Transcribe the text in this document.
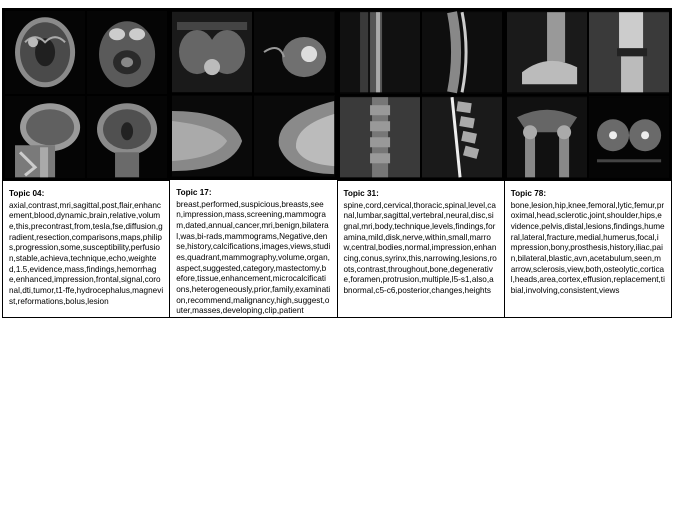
Topic 04:
axial,contrast,mri,sagittal,post,flair,enhancement,blood,dynamic,brain,relative,volume,this,precontrast,from,tesla,fse,diffusion,gradient,resection,comparisons,maps,philips,progression,some,susceptibility,perfusion,stable,achieva,technique,echo,weighted,1.5,evidence,mass,findings,hemorrhage,enhanced,impression,frontal,signal,coronal,dti,tumor,t1-ffe,hydrocephalus,magnevist,reformations,bolus,lesion
Topic 17:
breast,performed,suspicious,breasts,seen,impression,mass,screening,mammogram,dated,annual,cancer,mri,benign,bilateral,was,bi-rads,mammograms,Negative,dense,history,calcifications,images,views,studies,quadrant,mammography,volume,organ,aspect,suggested,category,mastectomy,before,tissue,enhancement,microcalcifications,heterogeneously,prior,family,examination,recommend,malignancy,high,suggest,outer,masses,developing,clip,patient
Topic 31:
spine,cord,cervical,thoracic,spinal,level,canal,lumbar,sagittal,vertebral,neural,disc,signal,mri,body,technique,levels,findings,foramina,mild,disk,nerve,within,small,marrow,central,bodies,normal,impression,enhancing,conus,syrinx,this,narrowing,lesions,roots,contrast,throughout,bone,degenerative,foramen,protrusion,multiple,l5-s1,also,abnormal,c5-c6,posterior,changes,heights
Topic 78:
bone,lesion,hip,knee,femoral,lytic,femur,proximal,head,sclerotic,joint,shoulder,hips,evidence,pelvis,distal,lesions,findings,humeral,lateral,fracture,medial,humerus,focal,impression,bony,prosthesis,history,iliac,pain,bilateral,blastic,avn,acetabulum,seen,marrow,sclerosis,view,both,osteolytic,cortical,heads,area,cortex,effusion,replacement,tibial,involving,consistent,views
